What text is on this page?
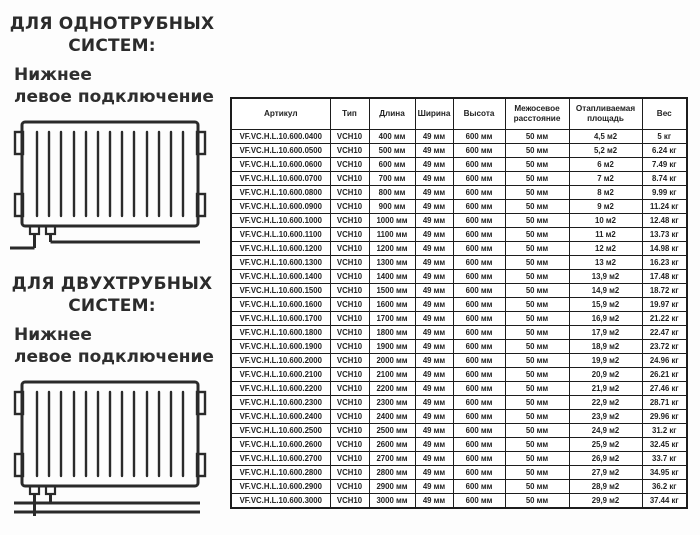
ДЛЯ ОДНОТРУБНЫХ
СИСТЕМ:
Нижнее
левое подключение
ДЛЯ ДВУХТРУБНЫХ
СИСТЕМ:
Нижнее
левое подключение
Артикул	Тип	Длина	Ширина	Высота	Межосевое расстояние	Отапливаемая площадь	Вес
VF.VC.H.L.10.600.0400	VCH10	400 мм	49 мм	600 мм	50 мм	4,5 м2	5 кг
VF.VC.H.L.10.600.0500	VCH10	500 мм	49 мм	600 мм	50 мм	5,2 м2	6.24 кг
VF.VC.H.L.10.600.0600	VCH10	600 мм	49 мм	600 мм	50 мм	6 м2	7.49 кг
VF.VC.H.L.10.600.0700	VCH10	700 мм	49 мм	600 мм	50 мм	7 м2	8.74 кг
VF.VC.H.L.10.600.0800	VCH10	800 мм	49 мм	600 мм	50 мм	8 м2	9.99 кг
VF.VC.H.L.10.600.0900	VCH10	900 мм	49 мм	600 мм	50 мм	9 м2	11.24 кг
VF.VC.H.L.10.600.1000	VCH10	1000 мм	49 мм	600 мм	50 мм	10 м2	12.48 кг
VF.VC.H.L.10.600.1100	VCH10	1100 мм	49 мм	600 мм	50 мм	11 м2	13.73 кг
VF.VC.H.L.10.600.1200	VCH10	1200 мм	49 мм	600 мм	50 мм	12 м2	14.98 кг
VF.VC.H.L.10.600.1300	VCH10	1300 мм	49 мм	600 мм	50 мм	13 м2	16.23 кг
VF.VC.H.L.10.600.1400	VCH10	1400 мм	49 мм	600 мм	50 мм	13,9 м2	17.48 кг
VF.VC.H.L.10.600.1500	VCH10	1500 мм	49 мм	600 мм	50 мм	14,9 м2	18.72 кг
VF.VC.H.L.10.600.1600	VCH10	1600 мм	49 мм	600 мм	50 мм	15,9 м2	19.97 кг
VF.VC.H.L.10.600.1700	VCH10	1700 мм	49 мм	600 мм	50 мм	16,9 м2	21.22 кг
VF.VC.H.L.10.600.1800	VCH10	1800 мм	49 мм	600 мм	50 мм	17,9 м2	22.47 кг
VF.VC.H.L.10.600.1900	VCH10	1900 мм	49 мм	600 мм	50 мм	18,9 м2	23.72 кг
VF.VC.H.L.10.600.2000	VCH10	2000 мм	49 мм	600 мм	50 мм	19,9 м2	24.96 кг
VF.VC.H.L.10.600.2100	VCH10	2100 мм	49 мм	600 мм	50 мм	20,9 м2	26.21 кг
VF.VC.H.L.10.600.2200	VCH10	2200 мм	49 мм	600 мм	50 мм	21,9 м2	27.46 кг
VF.VC.H.L.10.600.2300	VCH10	2300 мм	49 мм	600 мм	50 мм	22,9 м2	28.71 кг
VF.VC.H.L.10.600.2400	VCH10	2400 мм	49 мм	600 мм	50 мм	23,9 м2	29.96 кг
VF.VC.H.L.10.600.2500	VCH10	2500 мм	49 мм	600 мм	50 мм	24,9 м2	31.2 кг
VF.VC.H.L.10.600.2600	VCH10	2600 мм	49 мм	600 мм	50 мм	25,9 м2	32.45 кг
VF.VC.H.L.10.600.2700	VCH10	2700 мм	49 мм	600 мм	50 мм	26,9 м2	33.7 кг
VF.VC.H.L.10.600.2800	VCH10	2800 мм	49 мм	600 мм	50 мм	27,9 м2	34.95 кг
VF.VC.H.L.10.600.2900	VCH10	2900 мм	49 мм	600 мм	50 мм	28,9 м2	36.2 кг
VF.VC.H.L.10.600.3000	VCH10	3000 мм	49 мм	600 мм	50 мм	29,9 м2	37.44 кг
